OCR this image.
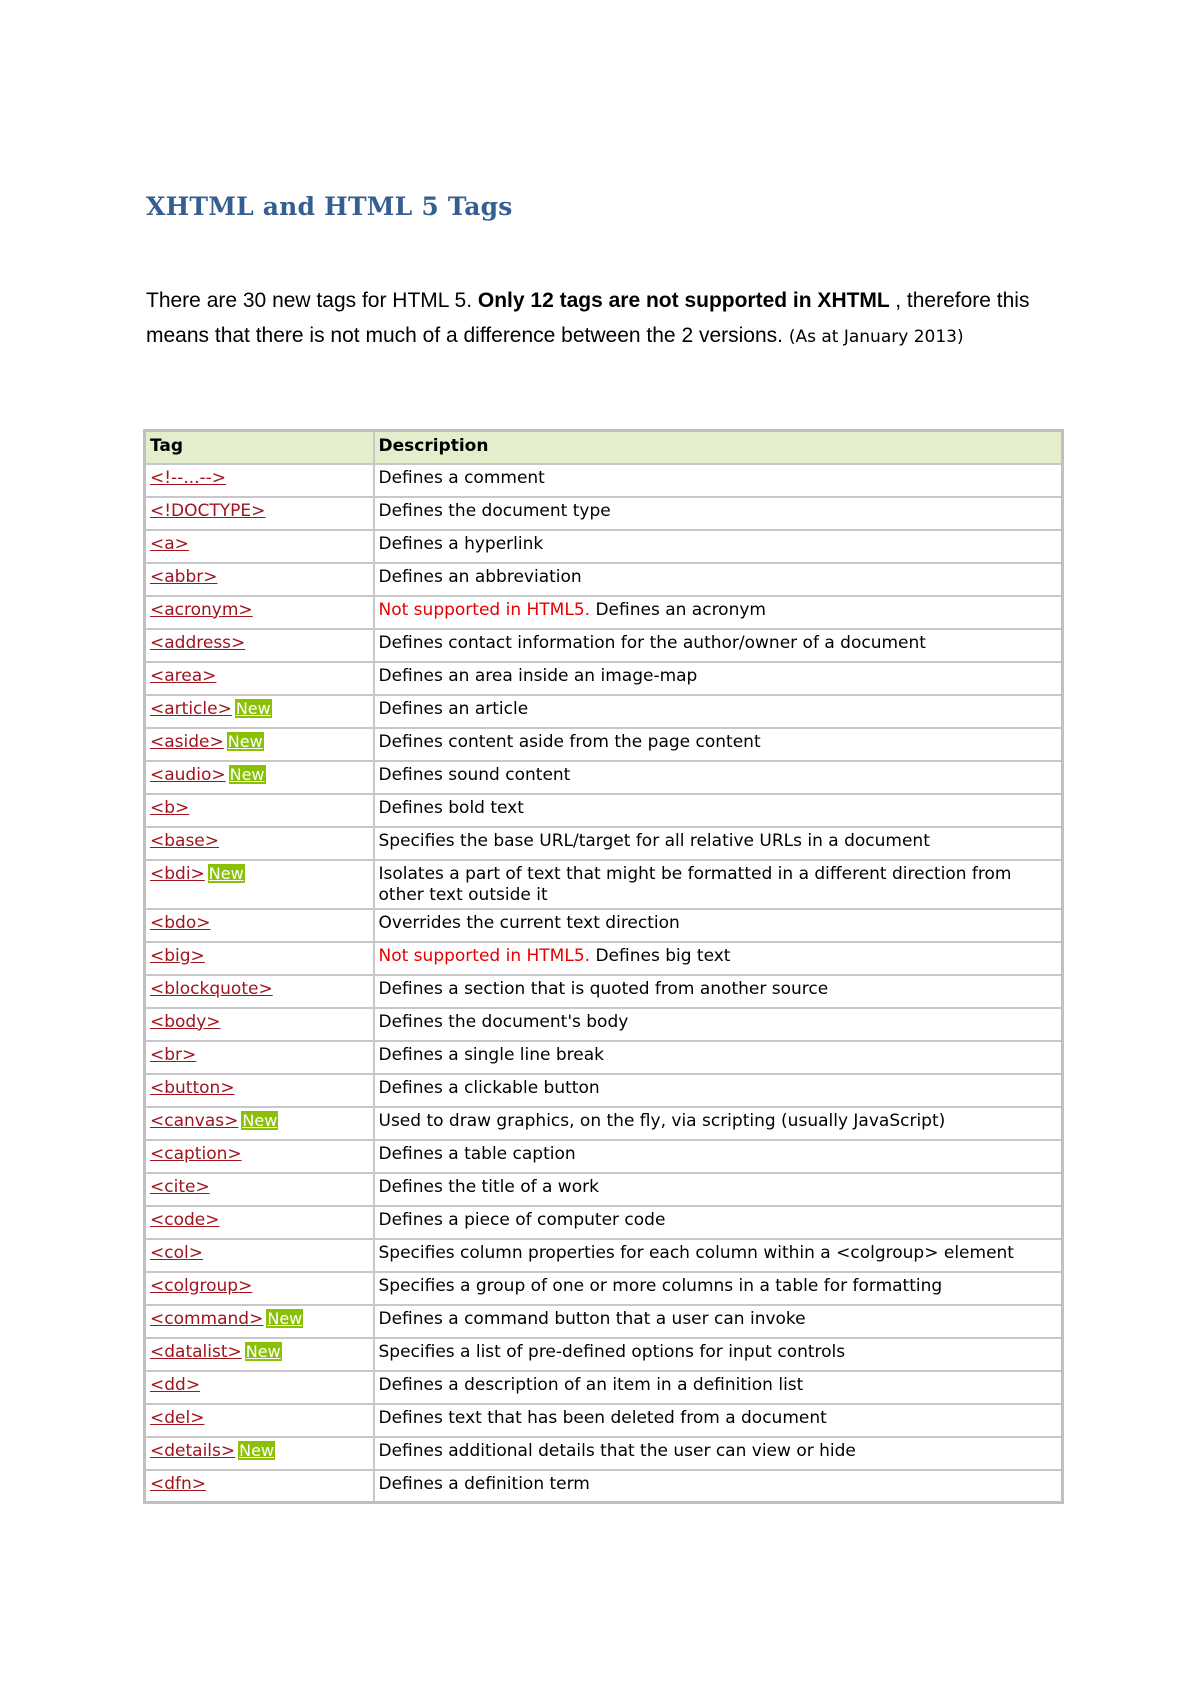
XHTML and HTML 5 Tags

There are 30 new tags for HTML 5. Only 12 tags are not supported in XHTML , therefore this means that there is not much of a difference between the 2 versions. (As at January 2013)

Tag	Description
<!--...-->	Defines a comment
<!DOCTYPE>	Defines the document type
<a>	Defines a hyperlink
<abbr>	Defines an abbreviation
<acronym>	Not supported in HTML5. Defines an acronym
<address>	Defines contact information for the author/owner of a document
<area>	Defines an area inside an image-map
<article> New	Defines an article
<aside> New	Defines content aside from the page content
<audio> New	Defines sound content
<b>	Defines bold text
<base>	Specifies the base URL/target for all relative URLs in a document
<bdi> New	Isolates a part of text that might be formatted in a different direction from other text outside it
<bdo>	Overrides the current text direction
<big>	Not supported in HTML5. Defines big text
<blockquote>	Defines a section that is quoted from another source
<body>	Defines the document's body
<br>	Defines a single line break
<button>	Defines a clickable button
<canvas> New	Used to draw graphics, on the fly, via scripting (usually JavaScript)
<caption>	Defines a table caption
<cite>	Defines the title of a work
<code>	Defines a piece of computer code
<col>	Specifies column properties for each column within a <colgroup> element
<colgroup>	Specifies a group of one or more columns in a table for formatting
<command> New	Defines a command button that a user can invoke
<datalist> New	Specifies a list of pre-defined options for input controls
<dd>	Defines a description of an item in a definition list
<del>	Defines text that has been deleted from a document
<details> New	Defines additional details that the user can view or hide
<dfn>	Defines a definition term
